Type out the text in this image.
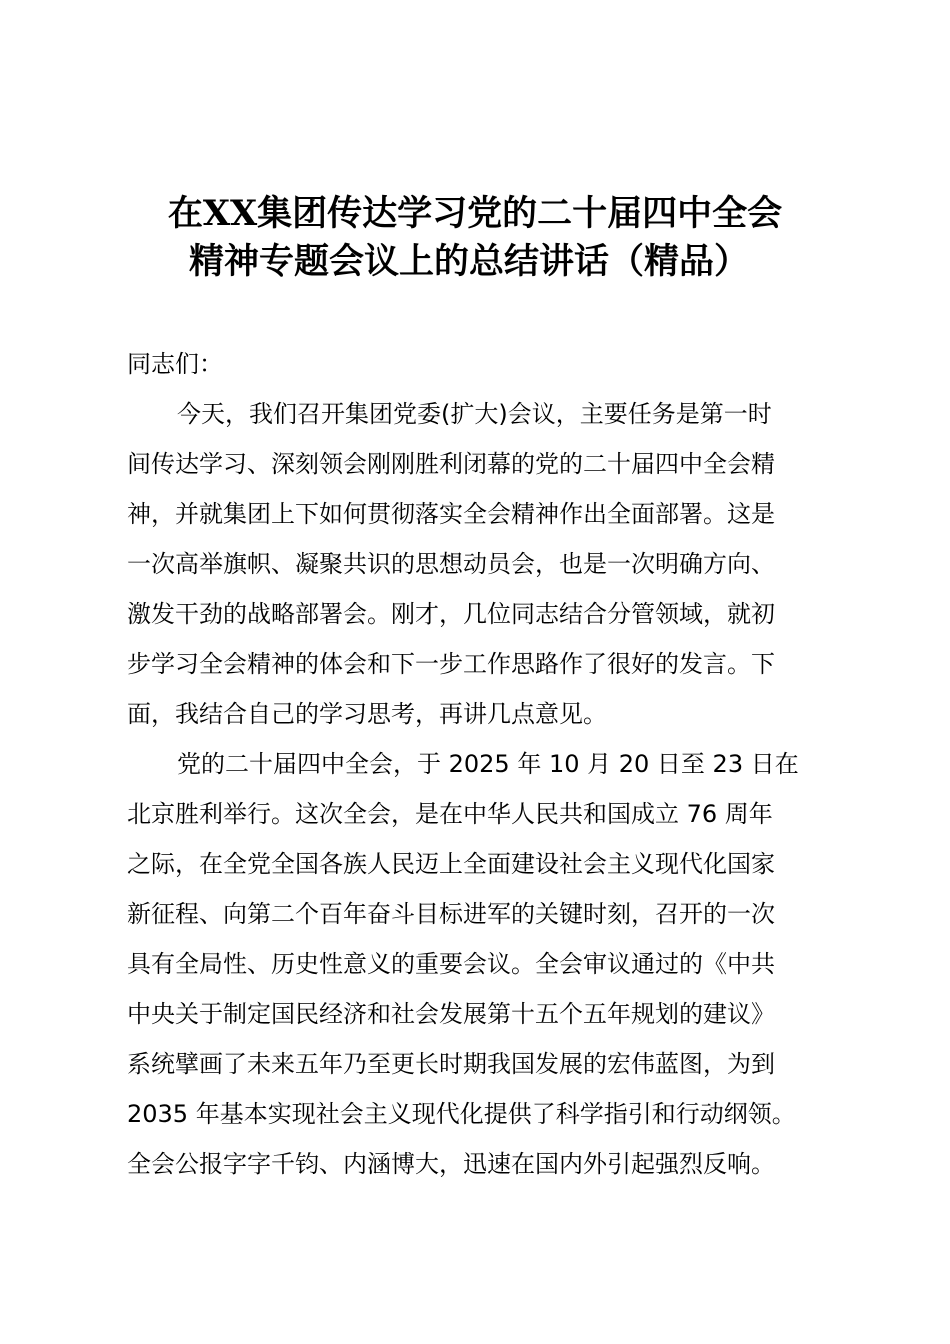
在XX集团传达学习党的二十届四中全会
精神专题会议上的总结讲话（精品）
同志们：
今天，我们召开集团党委(扩大)会议，主要任务是第一时
间传达学习、深刻领会刚刚胜利闭幕的党的二十届四中全会精
神，并就集团上下如何贯彻落实全会精神作出全面部署。这是
一次高举旗帜、凝聚共识的思想动员会，也是一次明确方向、
激发干劲的战略部署会。刚才，几位同志结合分管领域，就初
步学习全会精神的体会和下一步工作思路作了很好的发言。下
面，我结合自己的学习思考，再讲几点意见。
党的二十届四中全会，于 2025 年 10 月 20 日至 23 日在
北京胜利举行。这次全会，是在中华人民共和国成立 76 周年
之际，在全党全国各族人民迈上全面建设社会主义现代化国家
新征程、向第二个百年奋斗目标进军的关键时刻，召开的一次
具有全局性、历史性意义的重要会议。全会审议通过的《中共
中央关于制定国民经济和社会发展第十五个五年规划的建议》
系统擘画了未来五年乃至更长时期我国发展的宏伟蓝图，为到
2035 年基本实现社会主义现代化提供了科学指引和行动纲领。
全会公报字字千钧、内涵博大，迅速在国内外引起强烈反响。
